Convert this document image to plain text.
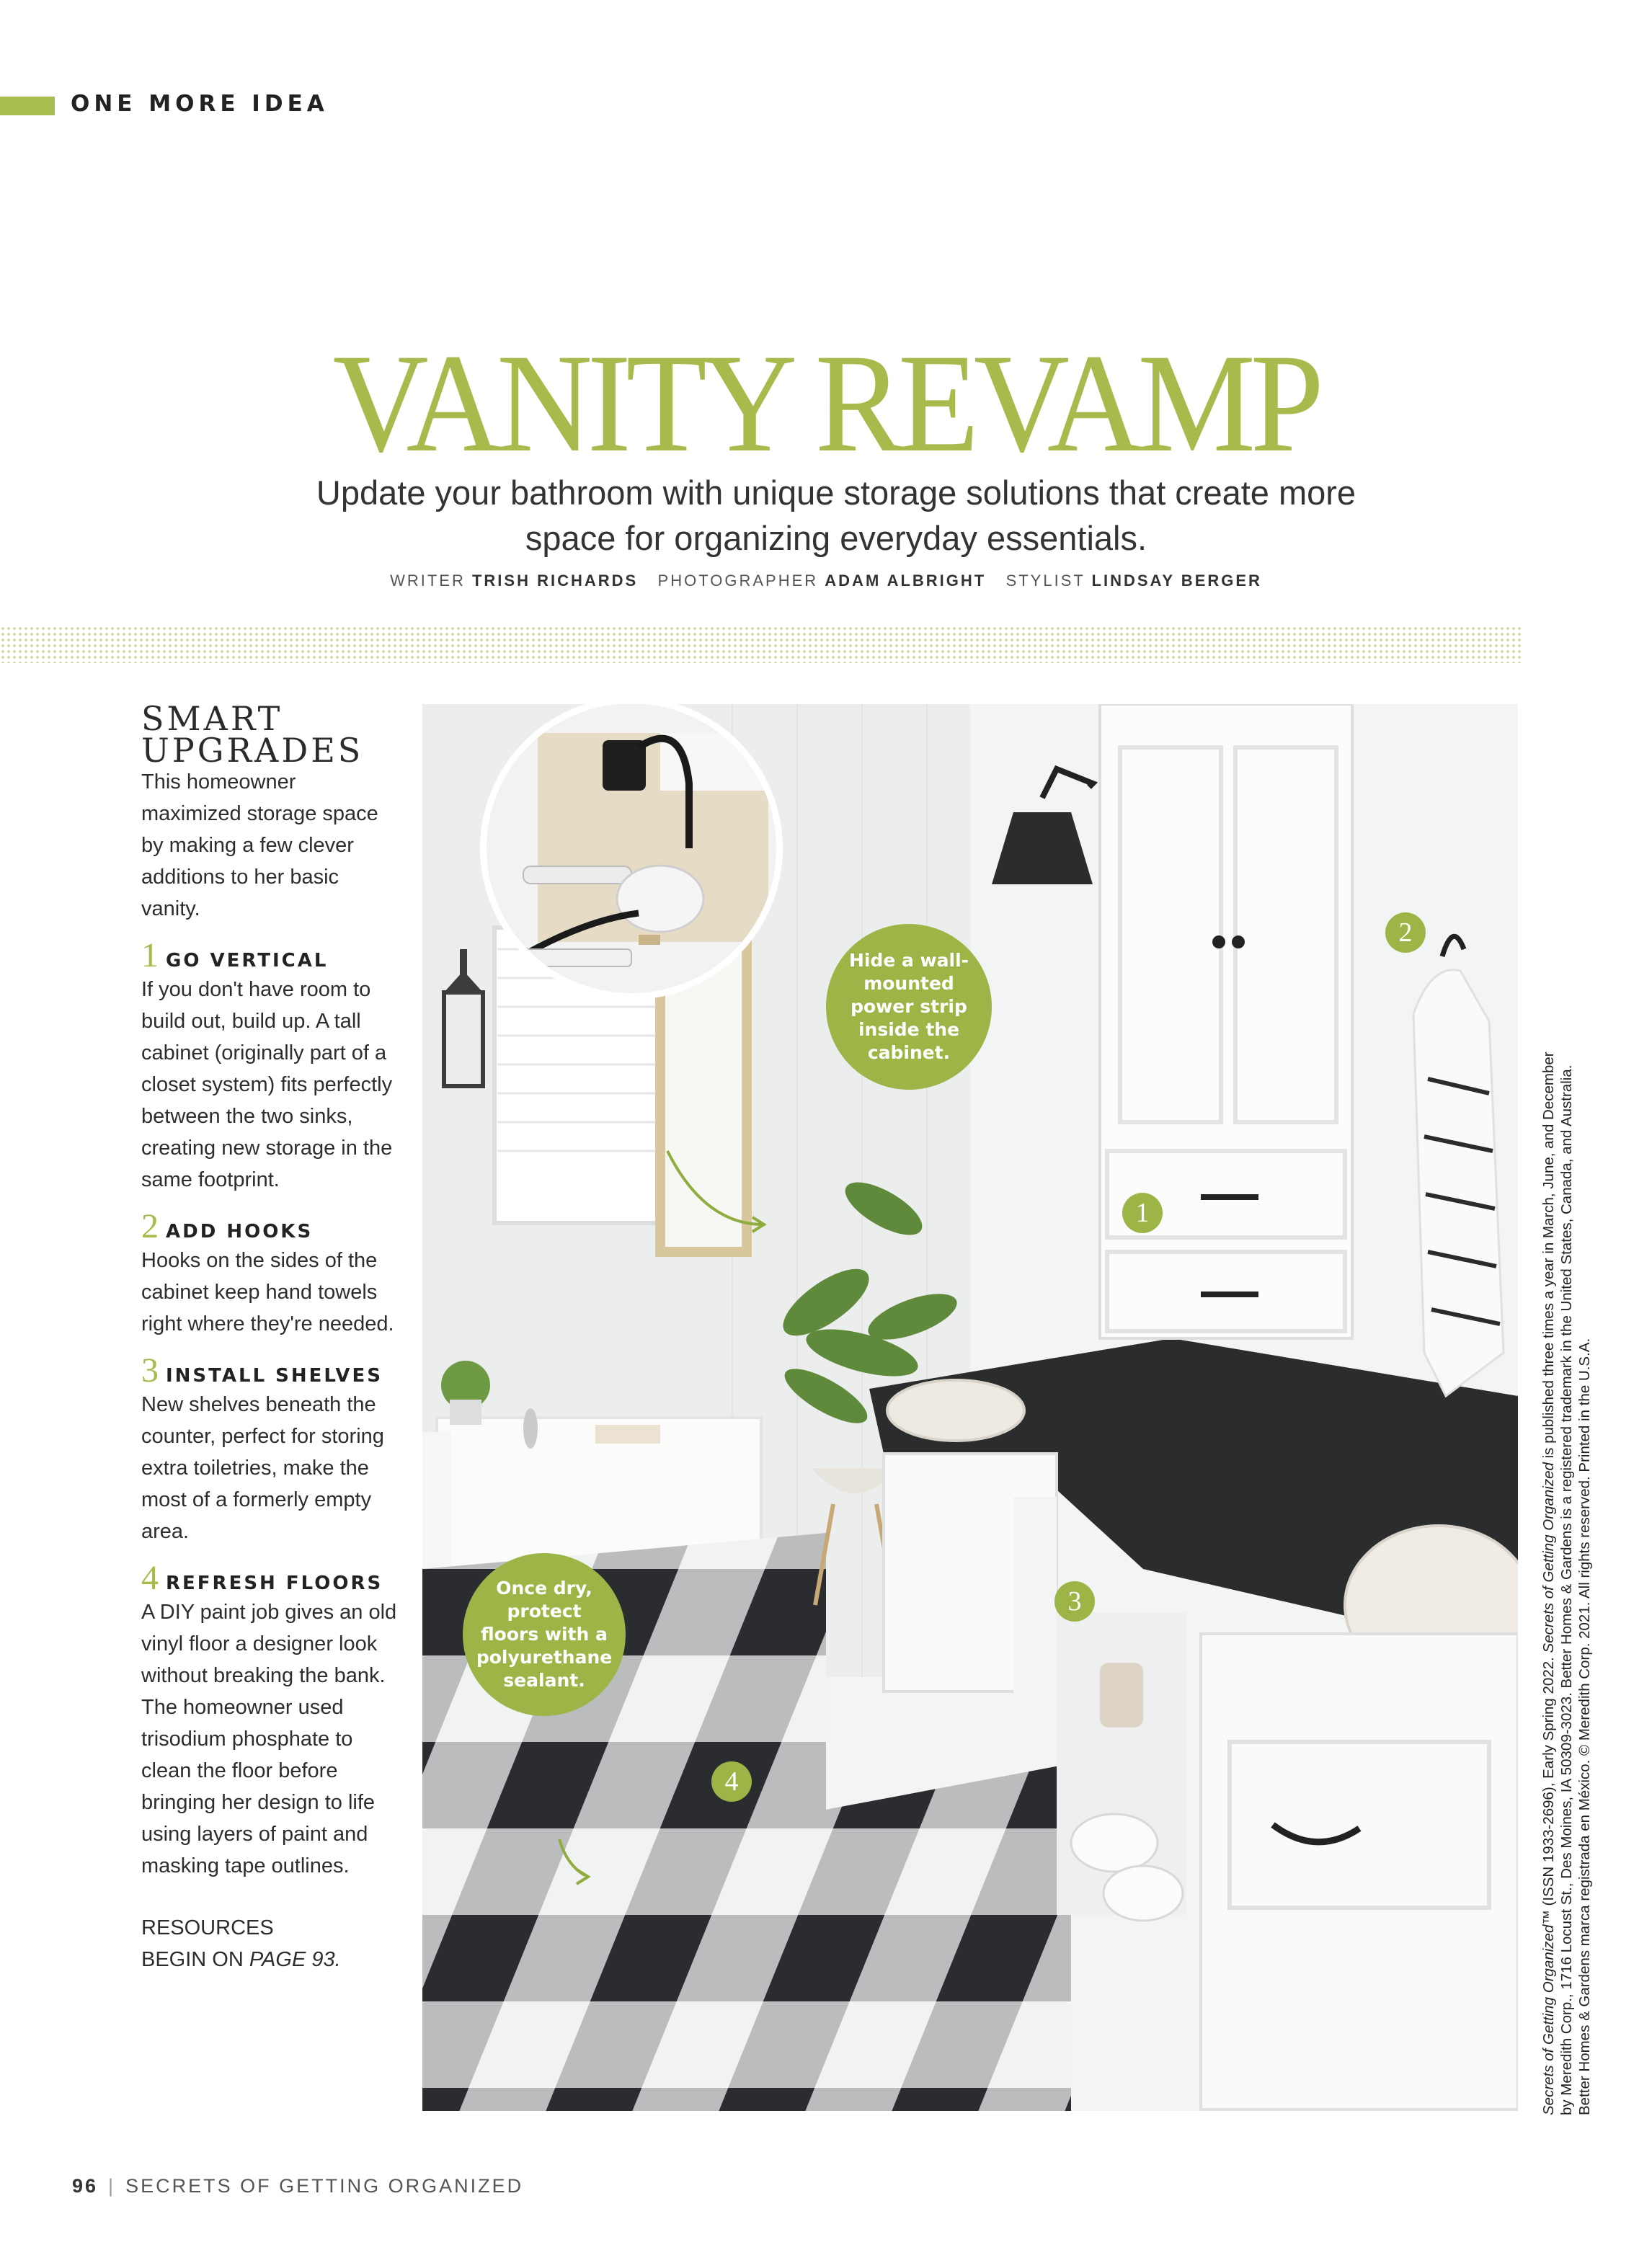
ONE MORE IDEA
VANITY REVAMP
Update your bathroom with unique storage solutions that create more space for organizing everyday essentials.
WRITER TRISH RICHARDS PHOTOGRAPHER ADAM ALBRIGHT STYLIST LINDSAY BERGER
SMART
UPGRADES

This homeowner maximized storage space by making a few clever additions to her basic vanity.

1 GO VERTICAL

If you don't have room to build out, build up. A tall cabinet (originally part of a closet system) fits perfectly between the two sinks, creating new storage in the same footprint.

2 ADD HOOKS

Hooks on the sides of the cabinet keep hand towels right where they're needed.

3 INSTALL SHELVES

New shelves beneath the counter, perfect for storing extra toiletries, make the most of a formerly empty area.

4 REFRESH FLOORS

A DIY paint job gives an old vinyl floor a designer look without breaking the bank. The homeowner used trisodium phosphate to clean the floor before bringing her design to life using layers of paint and masking tape outlines.

RESOURCES
BEGIN ON PAGE 93.
Hide a wall-mounted power strip inside the cabinet.
Once dry, protect floors with a polyurethane sealant.
1
2
3
4
96 | SECRETS OF GETTING ORGANIZED
Secrets of Getting Organized™ (ISSN 1933-2696), Early Spring 2022. Secrets of Getting Organized is published three times a year in March, June, and December by Meredith Corp., 1716 Locust St., Des Moines, IA 50309-3023. Better Homes & Gardens is a registered trademark in the United States, Canada, and Australia. Better Homes & Gardens marca registrada en México. © Meredith Corp. 2021. All rights reserved. Printed in the U.S.A.
